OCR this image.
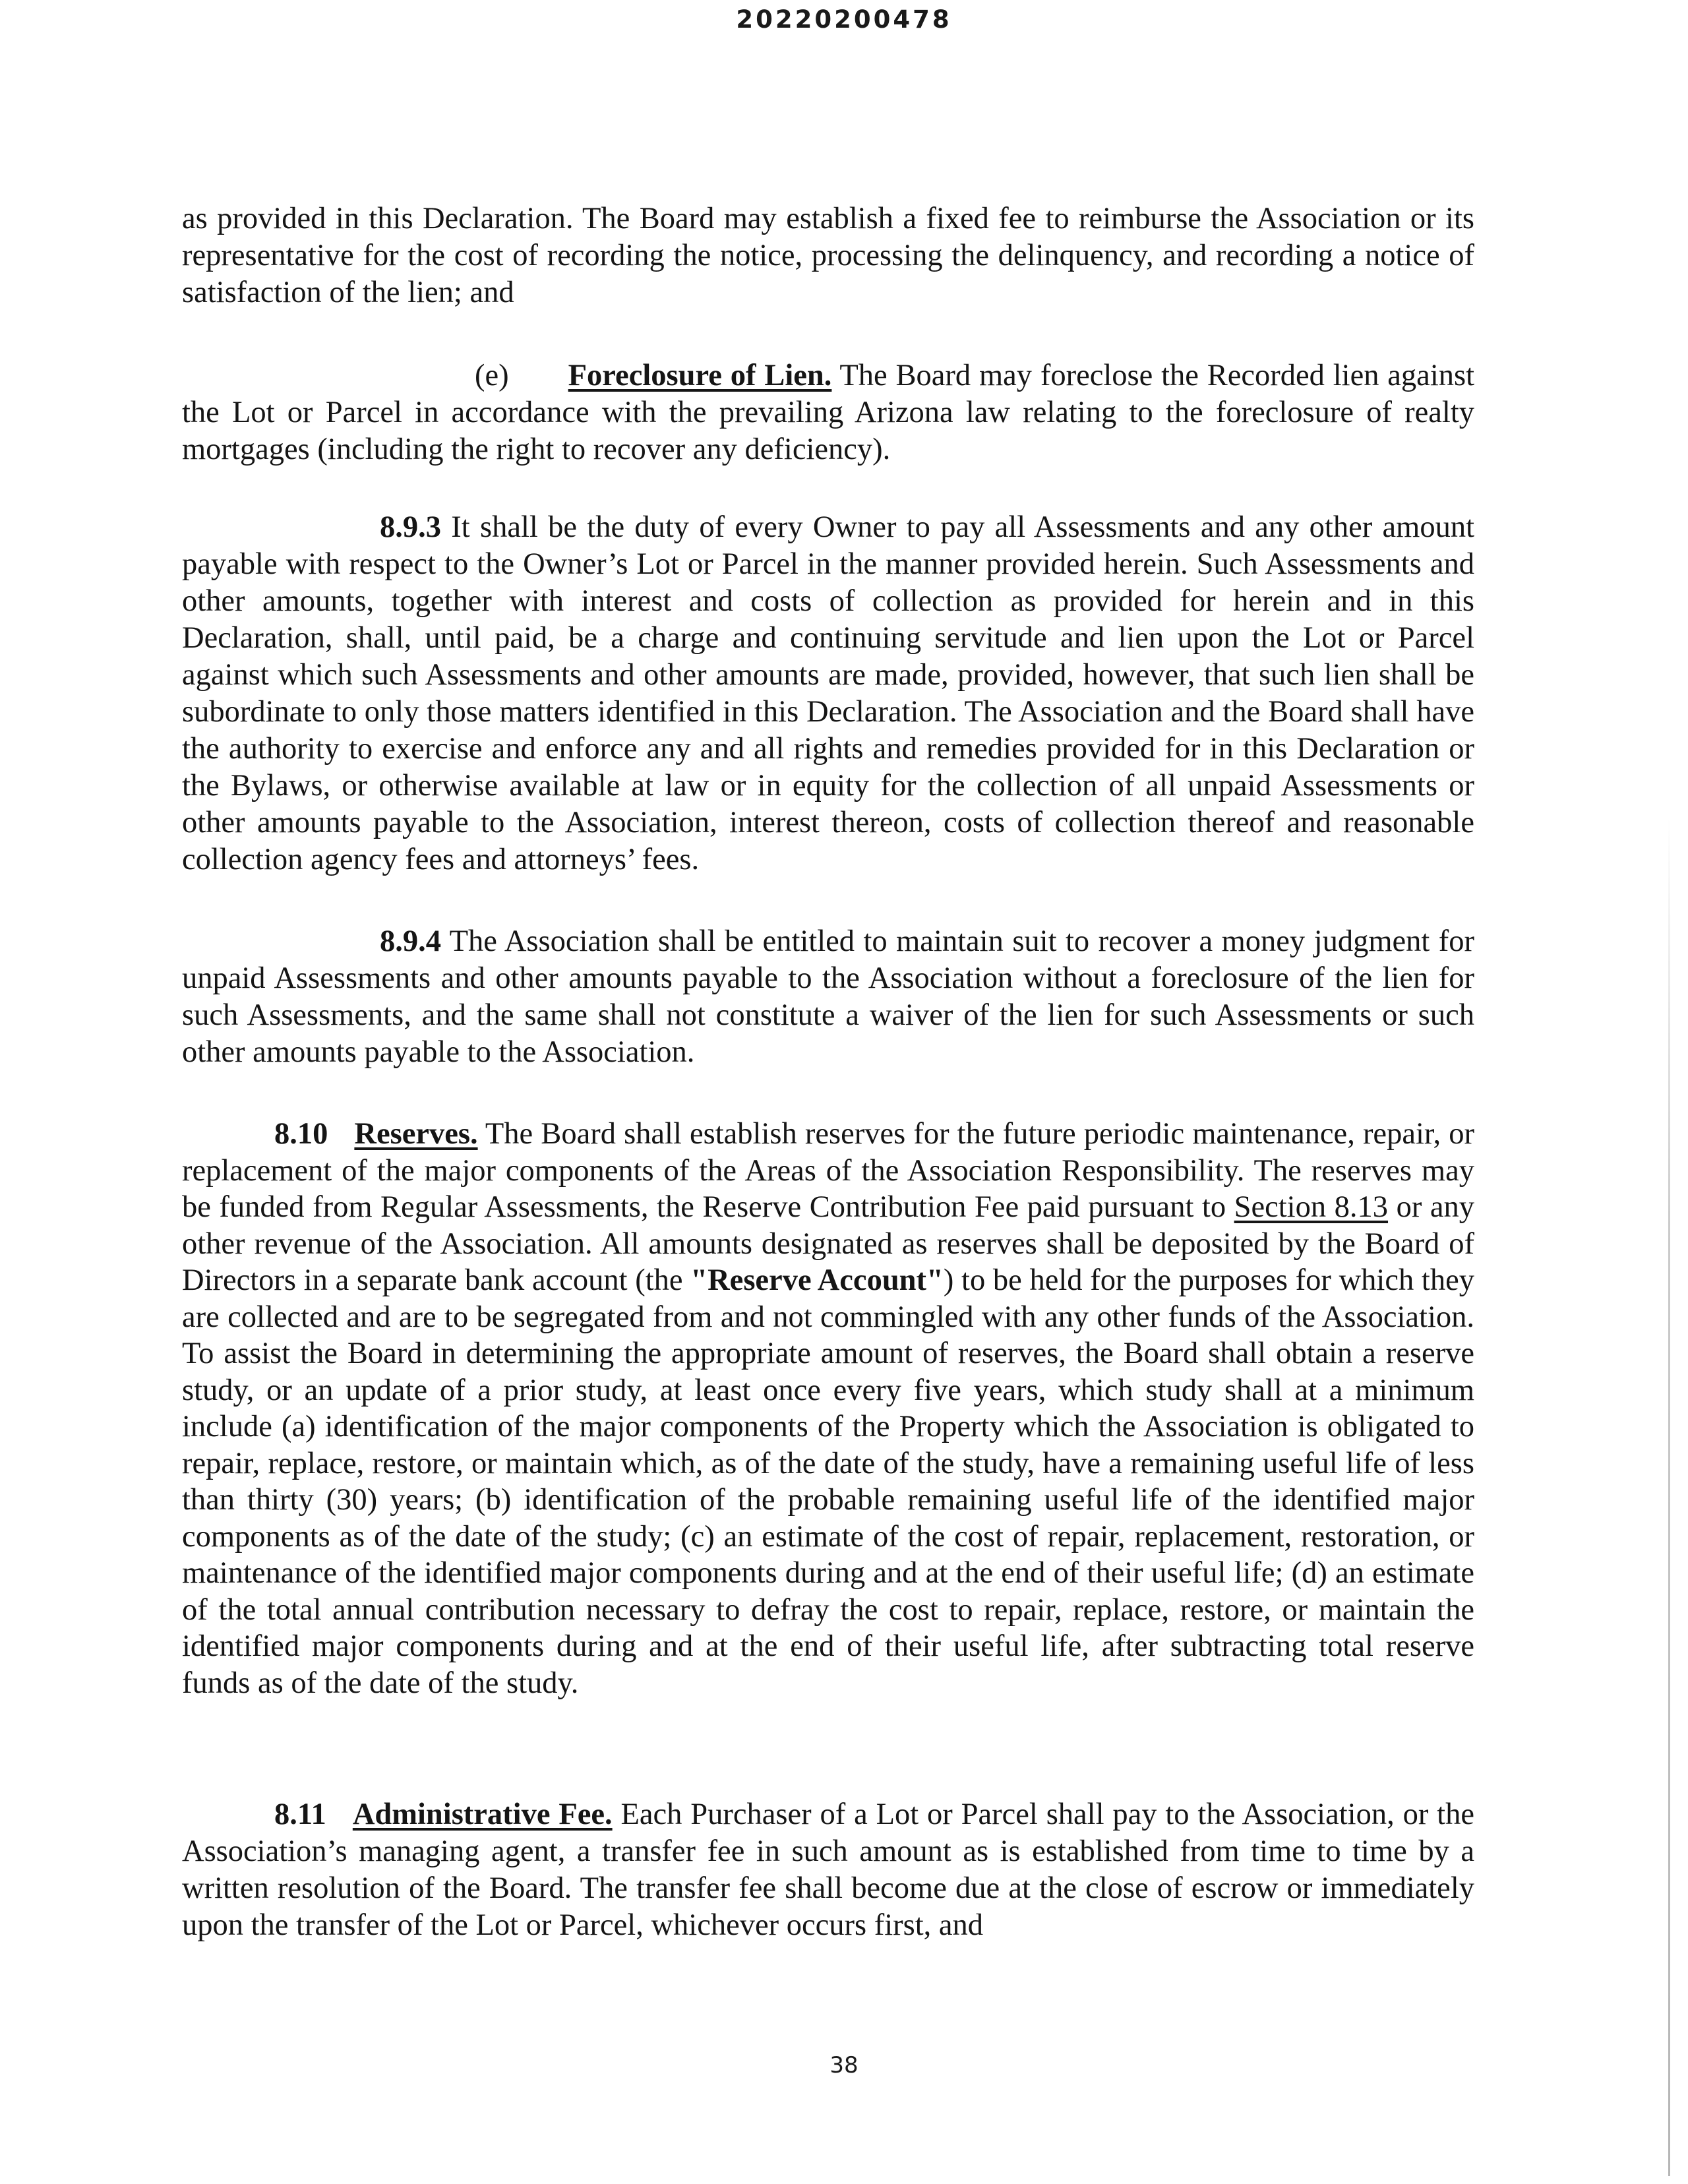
20220200478

as provided in this Declaration. The Board may establish a fixed fee to reimburse the Association or its representative for the cost of recording the notice, processing the delinquency, and recording a notice of satisfaction of the lien; and

(e) Foreclosure of Lien. The Board may foreclose the Recorded lien against the Lot or Parcel in accordance with the prevailing Arizona law relating to the foreclosure of realty mortgages (including the right to recover any deficiency).

8.9.3 It shall be the duty of every Owner to pay all Assessments and any other amount payable with respect to the Owner’s Lot or Parcel in the manner provided herein. Such Assessments and other amounts, together with interest and costs of collection as provided for herein and in this Declaration, shall, until paid, be a charge and continuing servitude and lien upon the Lot or Parcel against which such Assessments and other amounts are made, provided, however, that such lien shall be subordinate to only those matters identified in this Declaration. The Association and the Board shall have the authority to exercise and enforce any and all rights and remedies provided for in this Declaration or the Bylaws, or otherwise available at law or in equity for the collection of all unpaid Assessments or other amounts payable to the Association, interest thereon, costs of collection thereof and reasonable collection agency fees and attorneys’ fees.

8.9.4 The Association shall be entitled to maintain suit to recover a money judgment for unpaid Assessments and other amounts payable to the Association without a foreclosure of the lien for such Assessments, and the same shall not constitute a waiver of the lien for such Assessments or such other amounts payable to the Association.

8.10 Reserves. The Board shall establish reserves for the future periodic maintenance, repair, or replacement of the major components of the Areas of the Association Responsibility. The reserves may be funded from Regular Assessments, the Reserve Contribution Fee paid pursuant to Section 8.13 or any other revenue of the Association. All amounts designated as reserves shall be deposited by the Board of Directors in a separate bank account (the "Reserve Account") to be held for the purposes for which they are collected and are to be segregated from and not commingled with any other funds of the Association. To assist the Board in determining the appropriate amount of reserves, the Board shall obtain a reserve study, or an update of a prior study, at least once every five years, which study shall at a minimum include (a) identification of the major components of the Property which the Association is obligated to repair, replace, restore, or maintain which, as of the date of the study, have a remaining useful life of less than thirty (30) years; (b) identification of the probable remaining useful life of the identified major components as of the date of the study; (c) an estimate of the cost of repair, replacement, restoration, or maintenance of the identified major components during and at the end of their useful life; (d) an estimate of the total annual contribution necessary to defray the cost to repair, replace, restore, or maintain the identified major components during and at the end of their useful life, after subtracting total reserve funds as of the date of the study.

8.11 Administrative Fee. Each Purchaser of a Lot or Parcel shall pay to the Association, or the Association’s managing agent, a transfer fee in such amount as is established from time to time by a written resolution of the Board. The transfer fee shall become due at the close of escrow or immediately upon the transfer of the Lot or Parcel, whichever occurs first, and

38
